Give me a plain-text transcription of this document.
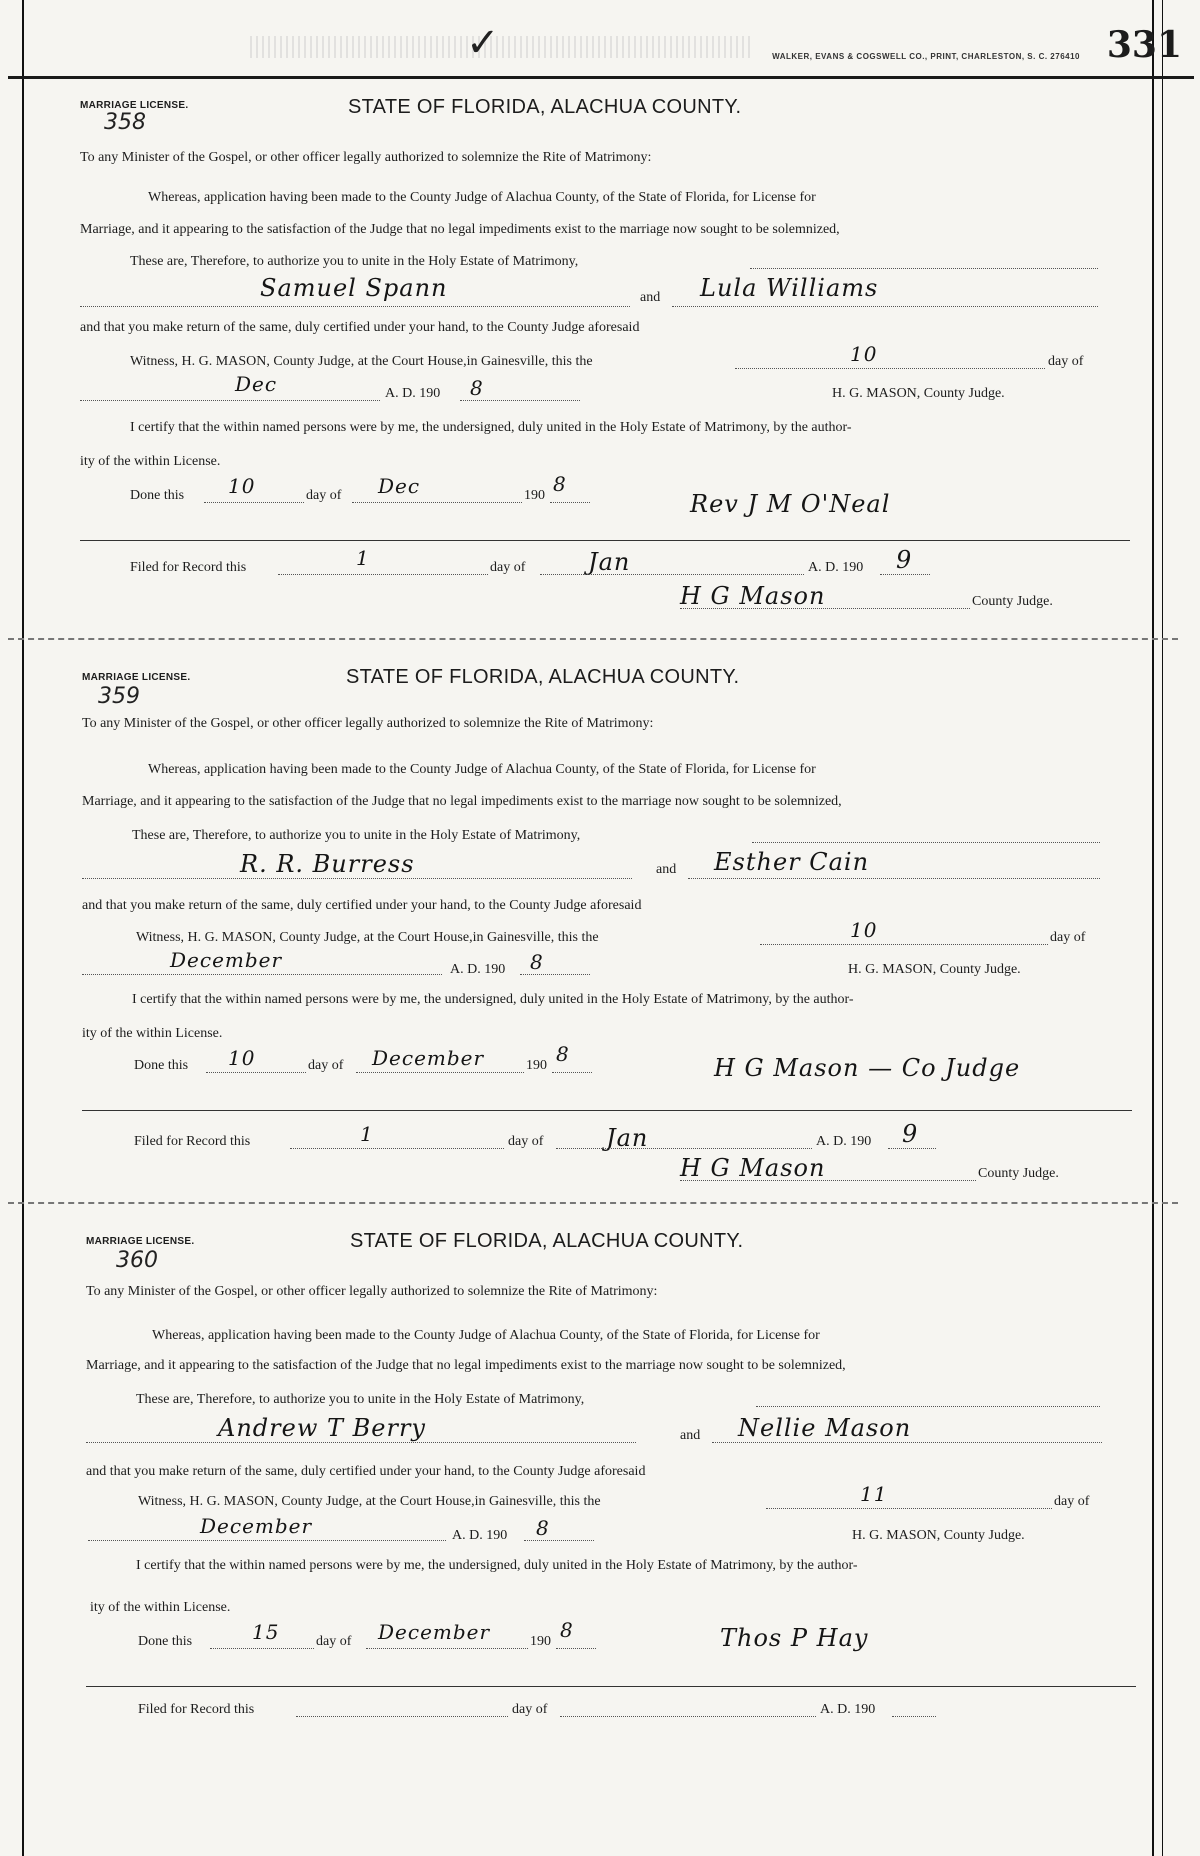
✓	WALKER, EVANS & COGSWELL CO., PRINT, CHARLESTON, S. C. 276410 331
MARRIAGE LICENSE.
358
STATE OF FLORIDA, ALACHUA COUNTY.
To any Minister of the Gospel, or other officer legally authorized to solemnize the Rite of Matrimony:
Whereas, application having been made to the County Judge of Alachua County, of the State of Florida, for License for
Marriage, and it appearing to the satisfaction of the Judge that no legal impediments exist to the marriage now sought to be solemnized,
These are, Therefore, to authorize you to unite in the Holy Estate of Matrimony,
Samuel Spann	and Lula Williams
and that you make return of the same, duly certified under your hand, to the County Judge aforesaid
Witness, H. G. MASON, County Judge, at the Court House,in Gainesville, this the	10	day of
Dec	A. D. 190 8	H. G. MASON, County Judge.
I certify that the within named persons were by me, the undersigned, duly united in the Holy Estate of Matrimony, by the author-
ity of the within License.
Done this 10	day of Dec	190 8
Rev J M O'Neal
Filed for Record this	1	day of	Jan	A. D. 190 9
H G Mason	County Judge.
MARRIAGE LICENSE.
359
STATE OF FLORIDA, ALACHUA COUNTY.
To any Minister of the Gospel, or other officer legally authorized to solemnize the Rite of Matrimony:
Whereas, application having been made to the County Judge of Alachua County, of the State of Florida, for License for
Marriage, and it appearing to the satisfaction of the Judge that no legal impediments exist to the marriage now sought to be solemnized,
These are, Therefore, to authorize you to unite in the Holy Estate of Matrimony,
R. R. Burress	and Esther Cain
and that you make return of the same, duly certified under your hand, to the County Judge aforesaid
Witness, H. G. MASON, County Judge, at the Court House,in Gainesville, this the	10	day of
December	A. D. 190 8	H. G. MASON, County Judge.
I certify that the within named persons were by me, the undersigned, duly united in the Holy Estate of Matrimony, by the author-
ity of the within License.
Done this 10	day of December	190 8	H G Mason — Co Judge
Filed for Record this	1	day of	Jan	A. D. 190 9
H G Mason	County Judge.
MARRIAGE LICENSE.
360
STATE OF FLORIDA, ALACHUA COUNTY.
To any Minister of the Gospel, or other officer legally authorized to solemnize the Rite of Matrimony:
Whereas, application having been made to the County Judge of Alachua County, of the State of Florida, for License for
Marriage, and it appearing to the satisfaction of the Judge that no legal impediments exist to the marriage now sought to be solemnized,
These are, Therefore, to authorize you to unite in the Holy Estate of Matrimony,
Andrew T Berry	and Nellie Mason
and that you make return of the same, duly certified under your hand, to the County Judge aforesaid
Witness, H. G. MASON, County Judge, at the Court House,in Gainesville, this the	11	day of
December	A. D. 190 8	H. G. MASON, County Judge.
I certify that the within named persons were by me, the undersigned, duly united in the Holy Estate of Matrimony, by the author-
ity of the within License.
Done this	15	day of December	190 8	Thos P Hay
Filed for Record this	day of	A. D. 190
